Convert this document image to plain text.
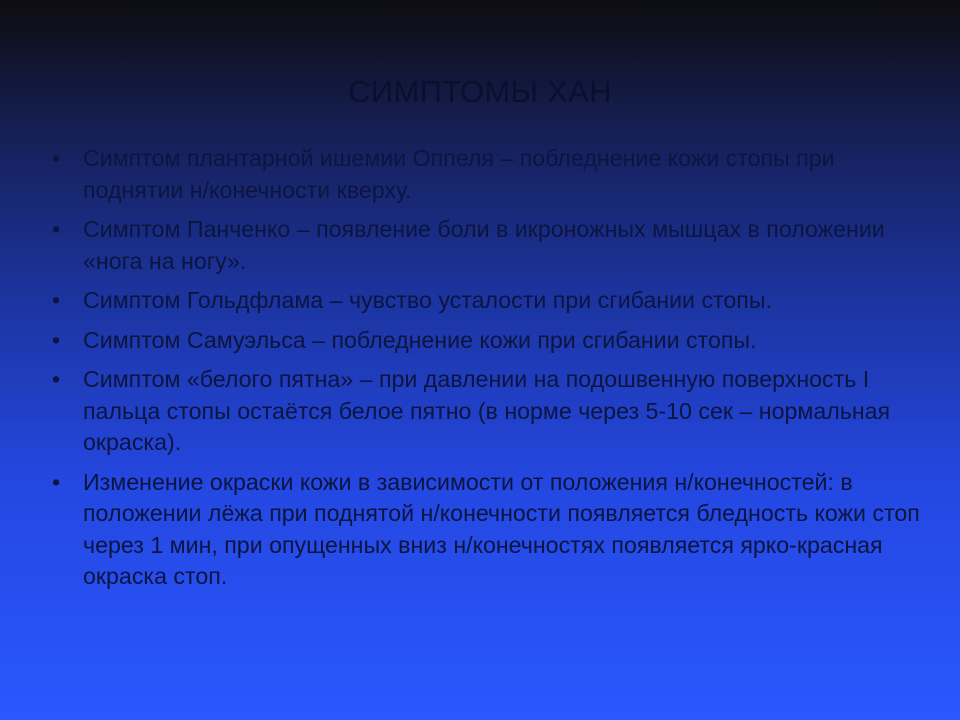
СИМПТОМЫ ХАН
• Симптом плантарной ишемии Оппеля – побледнение кожи стопы при поднятии н/конечности кверху.
• Симптом Панченко – появление боли в икроножных мышцах в положении «нога на ногу».
• Симптом Гольдфлама – чувство усталости при сгибании стопы.
• Симптом Самуэльса – побледнение кожи при сгибании стопы.
• Симптом «белого пятна» – при давлении на подошвенную поверхность I пальца стопы остаётся белое пятно (в норме через 5-10 сек – нормальная окраска).
• Изменение окраски кожи в зависимости от положения н/конечностей: в положении лёжа при поднятой н/конечности появляется бледность кожи стоп через 1 мин, при опущенных вниз н/конечностях появляется ярко-красная окраска стоп.
